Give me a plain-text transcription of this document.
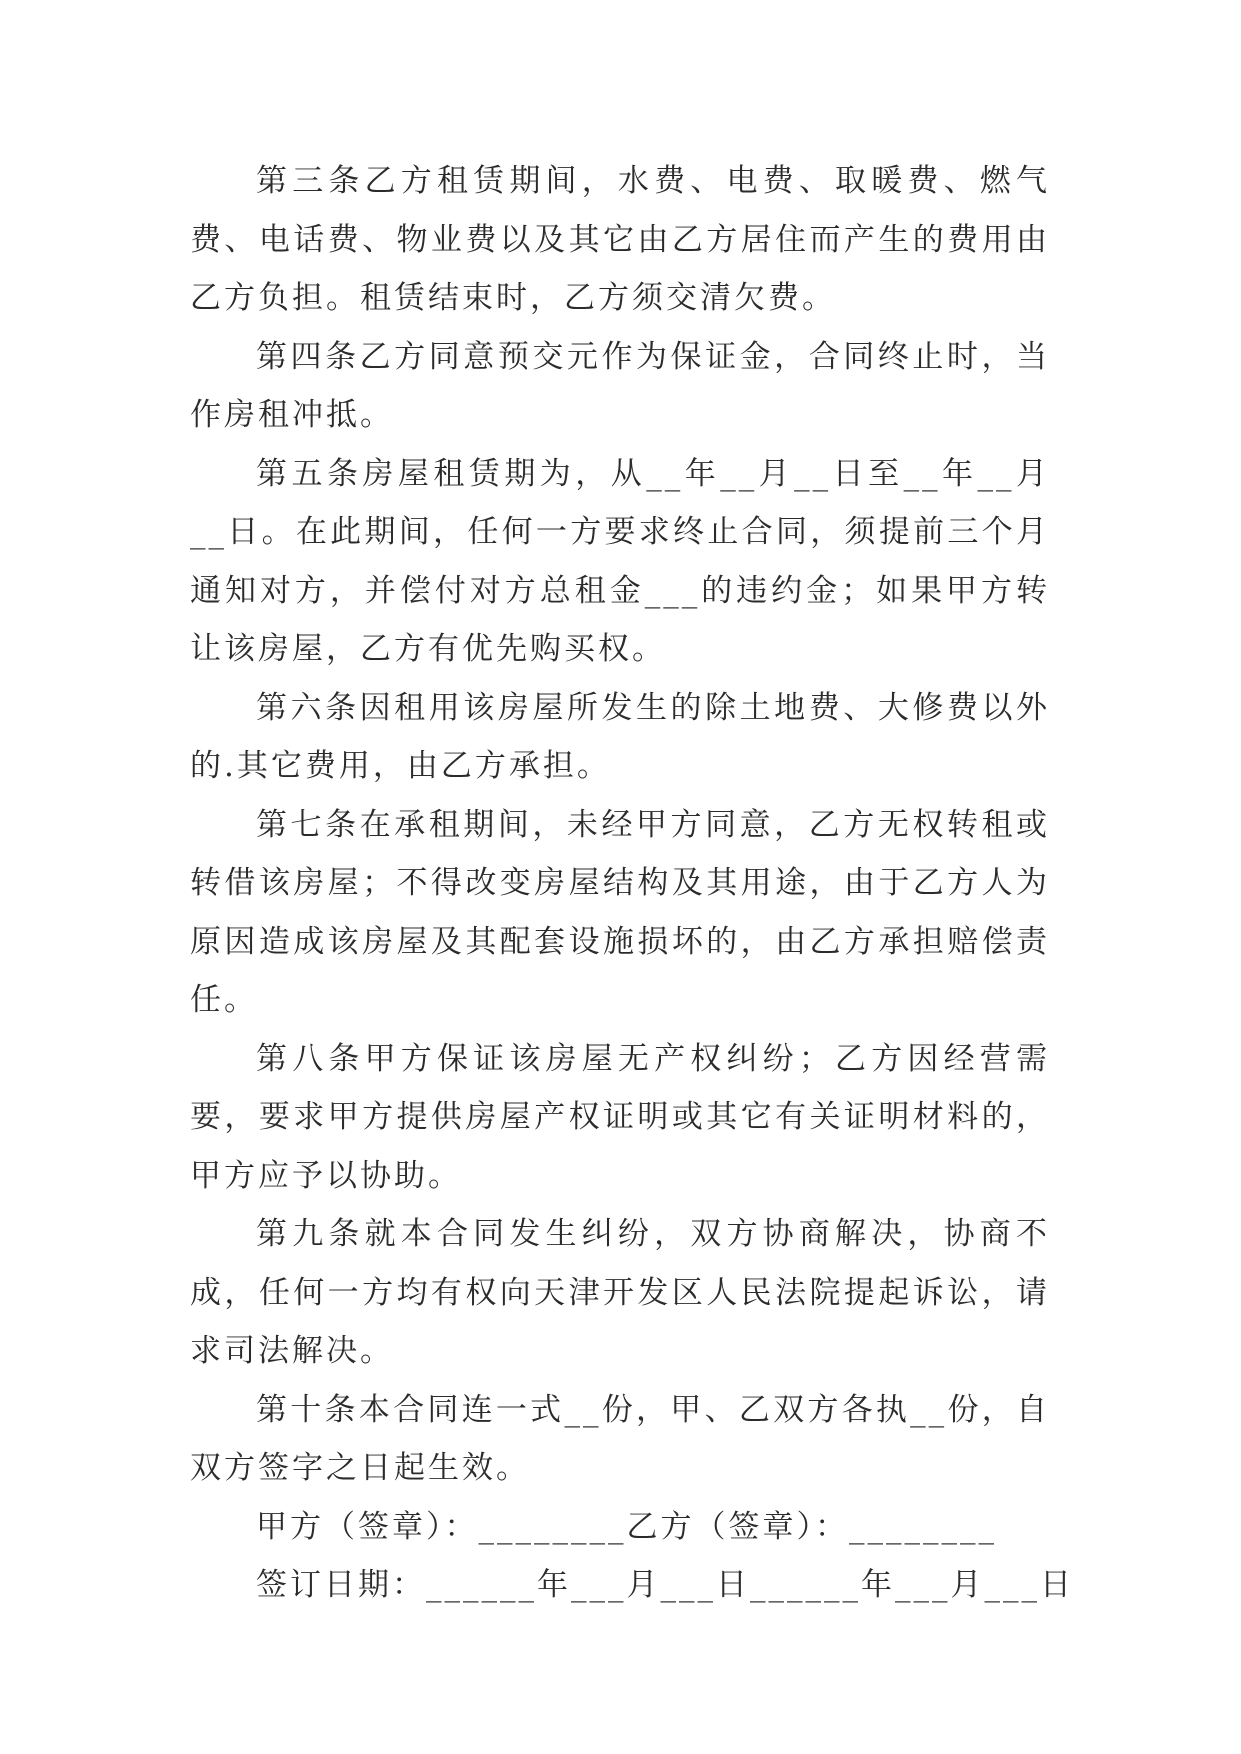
第三条乙方租赁期间，水费、电费、取暖费、燃气费、电话费、物业费以及其它由乙方居住而产生的费用由乙方负担。租赁结束时，乙方须交清欠费。

第四条乙方同意预交元作为保证金，合同终止时，当作房租冲抵。

第五条房屋租赁期为，从__年__月__日至__年__月__日。在此期间，任何一方要求终止合同，须提前三个月通知对方，并偿付对方总租金___的违约金；如果甲方转让该房屋，乙方有优先购买权。

第六条因租用该房屋所发生的除土地费、大修费以外的.其它费用，由乙方承担。

第七条在承租期间，未经甲方同意，乙方无权转租或转借该房屋；不得改变房屋结构及其用途，由于乙方人为原因造成该房屋及其配套设施损坏的，由乙方承担赔偿责任。

第八条甲方保证该房屋无产权纠纷；乙方因经营需要，要求甲方提供房屋产权证明或其它有关证明材料的，甲方应予以协助。

第九条就本合同发生纠纷，双方协商解决，协商不成，任何一方均有权向天津开发区人民法院提起诉讼，请求司法解决。

第十条本合同连一式__份，甲、乙双方各执__份，自双方签字之日起生效。

甲方（签章）：________乙方（签章）：________

签订日期：______年___月___日______年___月___日
